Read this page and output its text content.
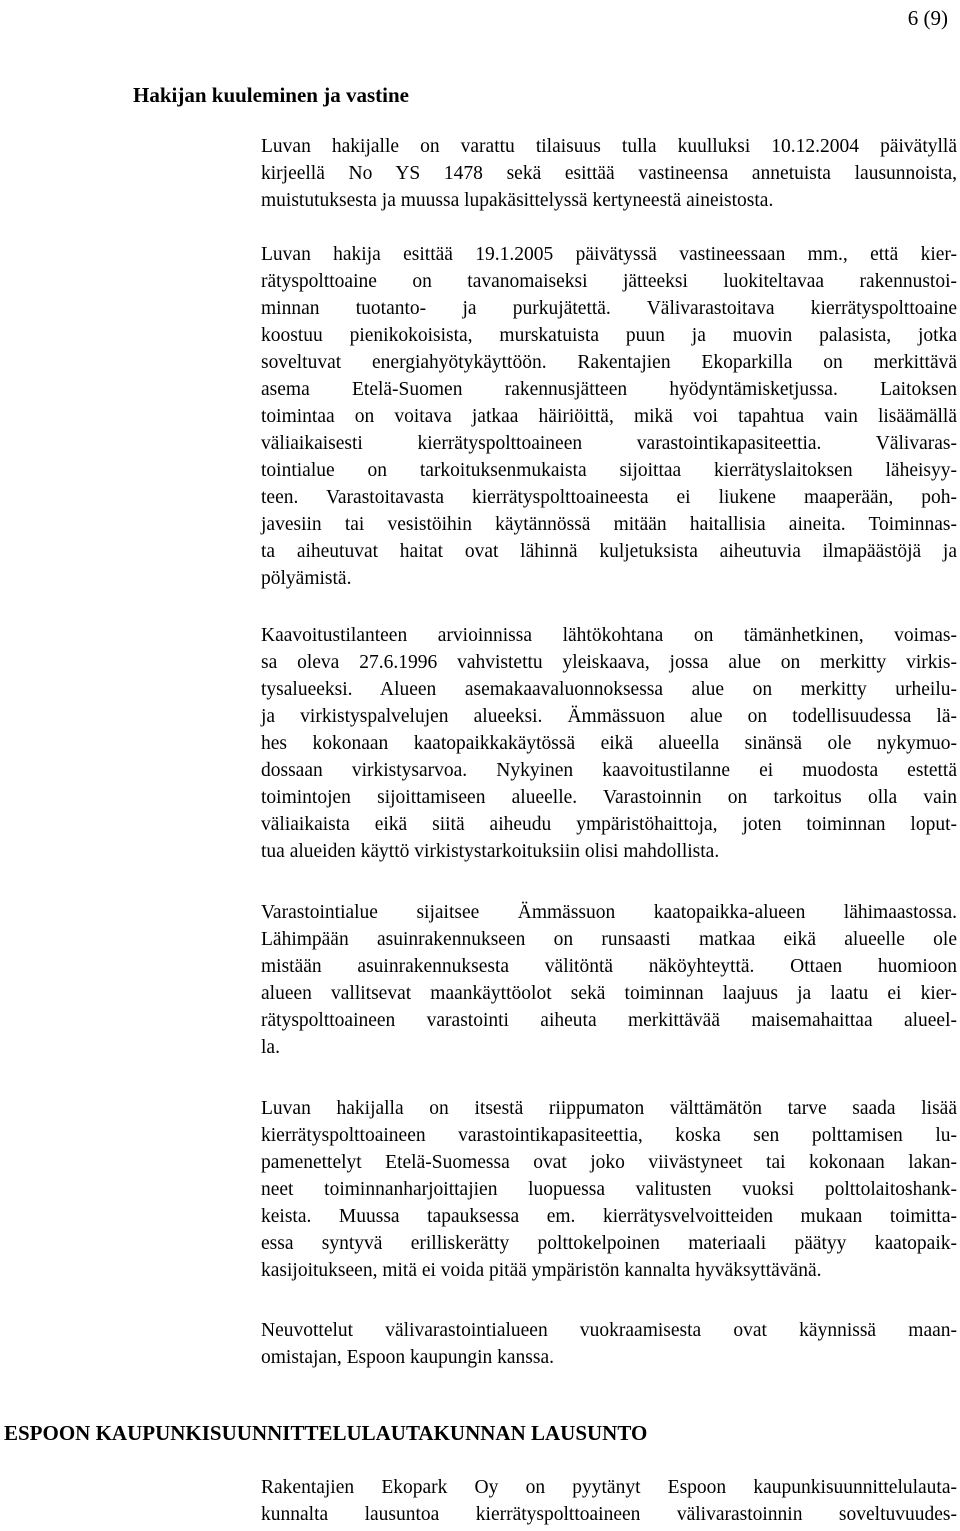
6 (9)
Hakijan kuuleminen ja vastine

Luvan hakijalle on varattu tilaisuus tulla kuulluksi 10.12.2004 päivätyllä
kirjeellä No YS 1478 sekä esittää vastineensa annetuista lausunnoista,
muistutuksesta ja muussa lupakäsittelyssä kertyneestä aineistosta.

Luvan hakija esittää 19.1.2005 päivätyssä vastineessaan mm., että kier-
rätyspolttoaine on tavanomaiseksi jätteeksi luokiteltavaa rakennustoi-
minnan tuotanto- ja purkujätettä. Välivarastoitava kierrätyspolttoaine
koostuu pienikokoisista, murskatuista puun ja muovin palasista, jotka
soveltuvat energiahyötykäyttöön. Rakentajien Ekoparkilla on merkittävä
asema Etelä-Suomen rakennusjätteen hyödyntämisketjussa. Laitoksen
toimintaa on voitava jatkaa häiriöittä, mikä voi tapahtua vain lisäämällä
väliaikaisesti kierrätyspolttoaineen varastointikapasiteettia. Välivaras-
tointialue on tarkoituksenmukaista sijoittaa kierrätyslaitoksen läheisyy-
teen. Varastoitavasta kierrätyspolttoaineesta ei liukene maaperään, poh-
javesiin tai vesistöihin käytännössä mitään haitallisia aineita. Toiminnas-
ta aiheutuvat haitat ovat lähinnä kuljetuksista aiheutuvia ilmapäästöjä ja
pölyämistä.

Kaavoitustilanteen arvioinnissa lähtökohtana on tämänhetkinen, voimas-
sa oleva 27.6.1996 vahvistettu yleiskaava, jossa alue on merkitty virkis-
tysalueeksi. Alueen asemakaavaluonnoksessa alue on merkitty urheilu-
ja virkistyspalvelujen alueeksi. Ämmässuon alue on todellisuudessa lä-
hes kokonaan kaatopaikkakäytössä eikä alueella sinänsä ole nykymuo-
dossaan virkistysarvoa. Nykyinen kaavoitustilanne ei muodosta estettä
toimintojen sijoittamiseen alueelle. Varastoinnin on tarkoitus olla vain
väliaikaista eikä siitä aiheudu ympäristöhaittoja, joten toiminnan loput-
tua alueiden käyttö virkistystarkoituksiin olisi mahdollista.

Varastointialue sijaitsee Ämmässuon kaatopaikka-alueen lähimaastossa.
Lähimpään asuinrakennukseen on runsaasti matkaa eikä alueelle ole
mistään asuinrakennuksesta välitöntä näköyhteyttä. Ottaen huomioon
alueen vallitsevat maankäyttöolot sekä toiminnan laajuus ja laatu ei kier-
rätyspolttoaineen varastointi aiheuta merkittävää maisemahaittaa alueel-
la.

Luvan hakijalla on itsestä riippumaton välttämätön tarve saada lisää
kierrätyspolttoaineen varastointikapasiteettia, koska sen polttamisen lu-
pamenettelyt Etelä-Suomessa ovat joko viivästyneet tai kokonaan lakan-
neet toiminnanharjoittajien luopuessa valitusten vuoksi polttolaitoshank-
keista. Muussa tapauksessa em. kierrätysvelvoitteiden mukaan toimitta-
essa syntyvä erilliskerätty polttokelpoinen materiaali päätyy kaatopaik-
kasijoitukseen, mitä ei voida pitää ympäristön kannalta hyväksyttävänä.

Neuvottelut välivarastointialueen vuokraamisesta ovat käynnissä maan-
omistajan, Espoon kaupungin kanssa.

ESPOON KAUPUNKISUUNNITTELULAUTAKUNNAN LAUSUNTO

Rakentajien Ekopark Oy on pyytänyt Espoon kaupunkisuunnittelulauta-
kunnalta lausuntoa kierrätyspolttoaineen välivarastoinnin soveltuvuudes-
